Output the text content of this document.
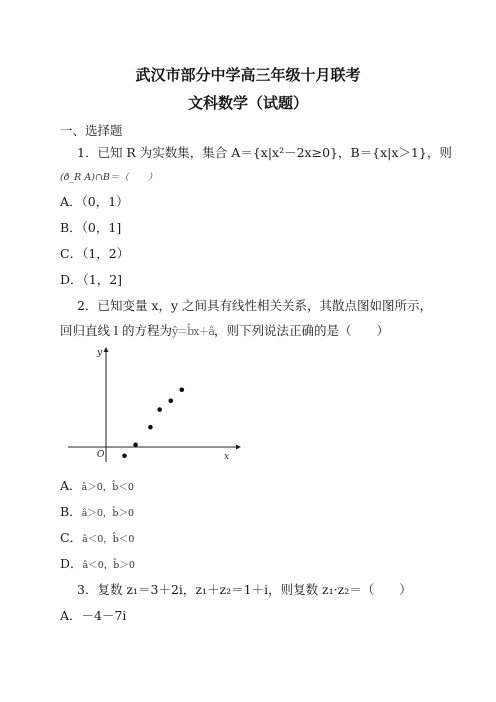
武汉市部分中学高三年级十月联考
文科数学（试题）
一、选择题
1．已知 R 为实数集，集合 A＝{x|x²－2x≥0}，B＝{x|x＞1}，则
(ð_R A)∩B＝（　　）
A．（0，1）
B．（0，1]
C．（1，2）
D．（1，2]
2．已知变量 x，y 之间具有线性相关关系，其散点图如图所示，
回归直线 l 的方程为ŷ＝b̂x＋â，则下列说法正确的是（　　）
y
x
O
A．â＞0，b̂＜0
B．â＞0，b̂＞0
C．â＜0，b̂＜0
D．â＜0，b̂＞0
3．复数 z₁＝3＋2i，z₁＋z₂＝1＋i，则复数 z₁·z₂＝（　　）
A．－4－7i
